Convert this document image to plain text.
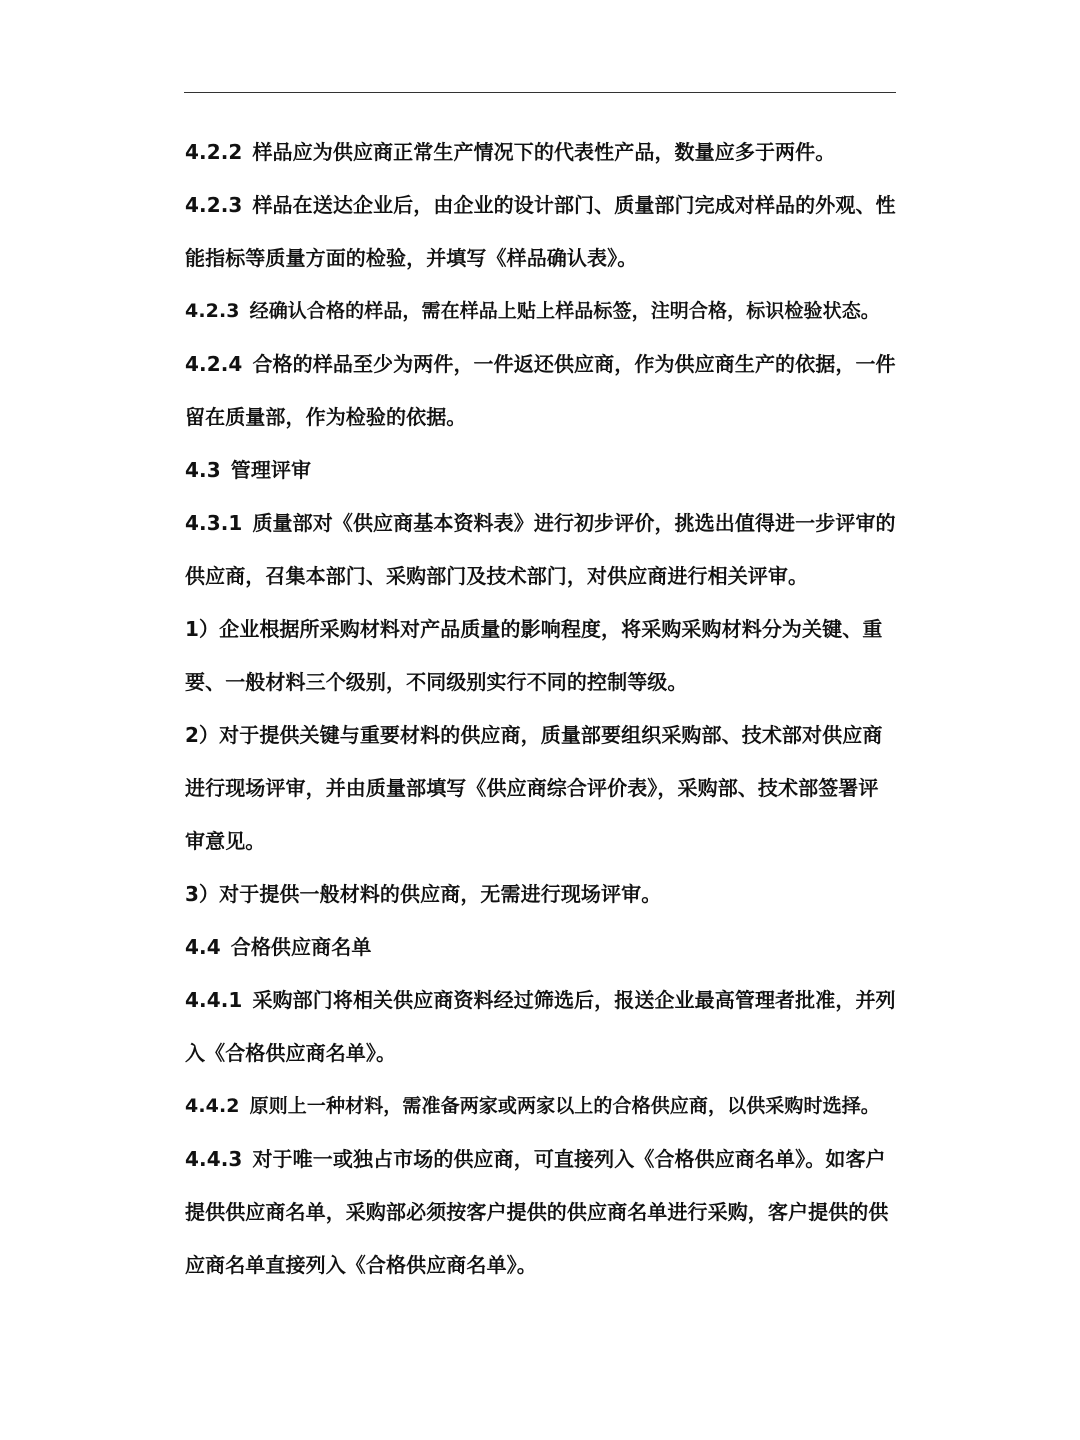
4.2.2 样品应为供应商正常生产情况下的代表性产品，数量应多于两件。

4.2.3 样品在送达企业后，由企业的设计部门、质量部门完成对样品的外观、性

能指标等质量方面的检验，并填写《样品确认表》。

4.2.3 经确认合格的样品，需在样品上贴上样品标签，注明合格，标识检验状态。

4.2.4 合格的样品至少为两件，一件返还供应商，作为供应商生产的依据，一件

留在质量部，作为检验的依据。

4.3 管理评审

4.3.1 质量部对《供应商基本资料表》进行初步评价，挑选出值得进一步评审的

供应商，召集本部门、采购部门及技术部门，对供应商进行相关评审。

1）企业根据所采购材料对产品质量的影响程度，将采购采购材料分为关键、重

要、一般材料三个级别，不同级别实行不同的控制等级。

2）对于提供关键与重要材料的供应商，质量部要组织采购部、技术部对供应商

进行现场评审，并由质量部填写《供应商综合评价表》，采购部、技术部签署评

审意见。

3）对于提供一般材料的供应商，无需进行现场评审。

4.4 合格供应商名单

4.4.1 采购部门将相关供应商资料经过筛选后，报送企业最高管理者批准，并列

入《合格供应商名单》。

4.4.2 原则上一种材料，需准备两家或两家以上的合格供应商，以供采购时选择。

4.4.3 对于唯一或独占市场的供应商，可直接列入《合格供应商名单》。如客户

提供供应商名单，采购部必须按客户提供的供应商名单进行采购，客户提供的供

应商名单直接列入《合格供应商名单》。
